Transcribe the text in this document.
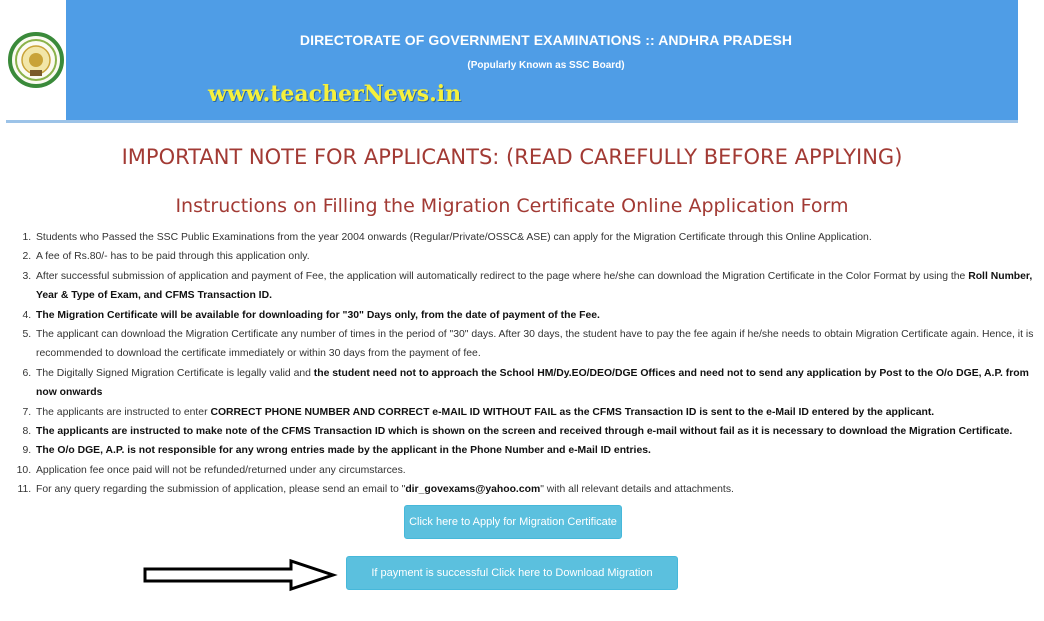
DIRECTORATE OF GOVERNMENT EXAMINATIONS :: ANDHRA PRADESH
(Popularly Known as SSC Board)
www.teacherNews.in
IMPORTANT NOTE FOR APPLICANTS: (READ CAREFULLY BEFORE APPLYING)
Instructions on Filling the Migration Certificate Online Application Form
1. Students who Passed the SSC Public Examinations from the year 2004 onwards (Regular/Private/OSSC& ASE) can apply for the Migration Certificate through this Online Application.
2. A fee of Rs.80/- has to be paid through this application only.
3. After successful submission of application and payment of Fee, the application will automatically redirect to the page where he/she can download the Migration Certificate in the Color Format by using the Roll Number, Year & Type of Exam, and CFMS Transaction ID.
4. The Migration Certificate will be available for downloading for "30" Days only, from the date of payment of the Fee.
5. The applicant can download the Migration Certificate any number of times in the period of "30" days. After 30 days, the student have to pay the fee again if he/she needs to obtain Migration Certificate again. Hence, it is recommended to download the certificate immediately or within 30 days from the payment of fee.
6. The Digitally Signed Migration Certificate is legally valid and the student need not to approach the School HM/Dy.EO/DEO/DGE Offices and need not to send any application by Post to the O/o DGE, A.P. from now onwards
7. The applicants are instructed to enter CORRECT PHONE NUMBER AND CORRECT e-MAIL ID WITHOUT FAIL as the CFMS Transaction ID is sent to the e-Mail ID entered by the applicant.
8. The applicants are instructed to make note of the CFMS Transaction ID which is shown on the screen and received through e-mail without fail as it is necessary to download the Migration Certificate.
9. The O/o DGE, A.P. is not responsible for any wrong entries made by the applicant in the Phone Number and e-Mail ID entries.
10. Application fee once paid will not be refunded/returned under any circumstarces.
11. For any query regarding the submission of application, please send an email to "dir_govexams@yahoo.com" with all relevant details and attachments.
Click here to Apply for Migration Certificate
If payment is successful Click here to Download Migration Certificate
